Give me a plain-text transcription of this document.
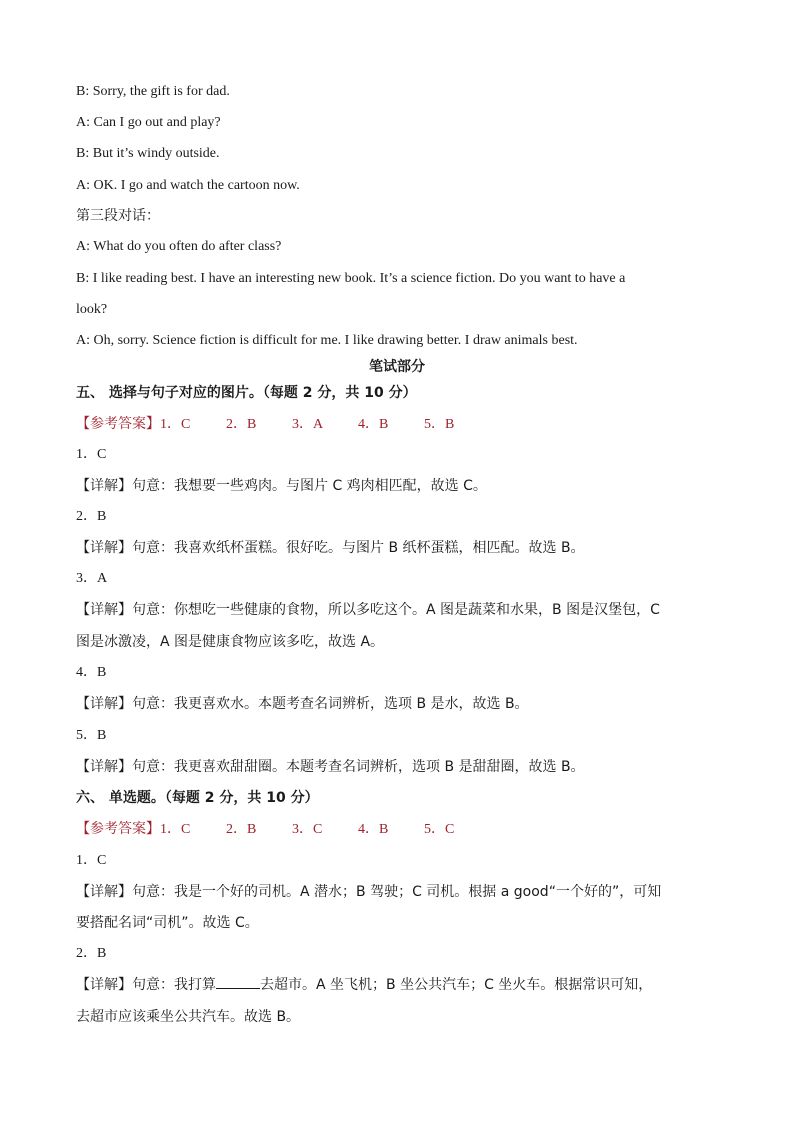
B: Sorry, the gift is for dad.
A: Can I go out and play?
B: But it’s windy outside.
A: OK. I go and watch the cartoon now.
第三段对话：
A: What do you often do after class?
B: I like reading best. I have an interesting new book. It’s a science fiction. Do you want to have a
look?
A: Oh, sorry. Science fiction is difficult for me. I like drawing better. I draw animals best.
笔试部分
五、 选择与句子对应的图片。（每题 2 分，共 10 分）
【参考答案】1．C	2．B	3．A 4．B	5．B
1．C
【详解】句意：我想要一些鸡肉。与图片 C 鸡肉相匹配，故选 C。
2．B
【详解】句意：我喜欢纸杯蛋糕。很好吃。与图片 B 纸杯蛋糕，相匹配。故选 B。
3．A
【详解】句意：你想吃一些健康的食物，所以多吃这个。A 图是蔬菜和水果，B 图是汉堡包，C
图是冰激凌，A 图是健康食物应该多吃，故选 A。
4．B
【详解】句意：我更喜欢水。本题考查名词辨析，选项 B 是水，故选 B。
5．B
【详解】句意：我更喜欢甜甜圈。本题考查名词辨析，选项 B 是甜甜圈，故选 B。
六、 单选题。（每题 2 分，共 10 分）
【参考答案】1．C	2．B	3．C	4．B	5．C
1．C
【详解】句意：我是一个好的司机。A 潜水；B 驾驶；C 司机。根据 a good“一个好的”，可知
要搭配名词“司机”。故选 C。
2．B
【详解】句意：我打算	去超市。A 坐飞机；B 坐公共汽车；C 坐火车。根据常识可知，
去超市应该乘坐公共汽车。故选 B。
